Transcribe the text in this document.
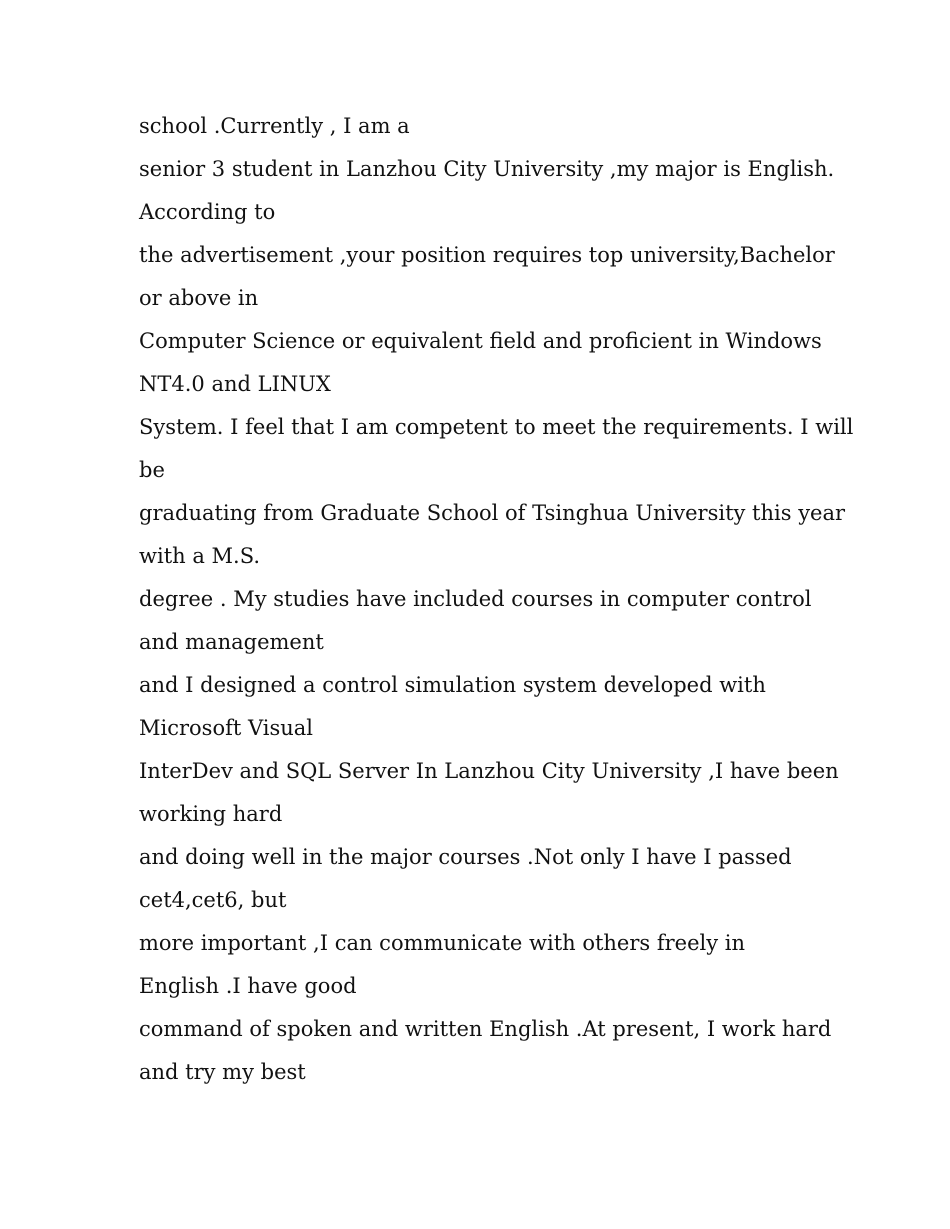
school .Currently , I am a
senior 3 student in Lanzhou City University ,my major is English.
According to
the advertisement ,your position requires top university,Bachelor
or above in
Computer Science or equivalent field and proficient in Windows
NT4.0 and LINUX
System. I feel that I am competent to meet the requirements. I will
be
graduating from Graduate School of Tsinghua University this year
with a M.S.
degree . My studies have included courses in computer control
and management
and I designed a control simulation system developed with
Microsoft Visual
InterDev and SQL Server In Lanzhou City University ,I have been
working hard
and doing well in the major courses .Not only I have I passed
cet4,cet6, but
more important ,I can communicate with others freely in
English .I have good
command of spoken and written English .At present, I work hard
and try my best
